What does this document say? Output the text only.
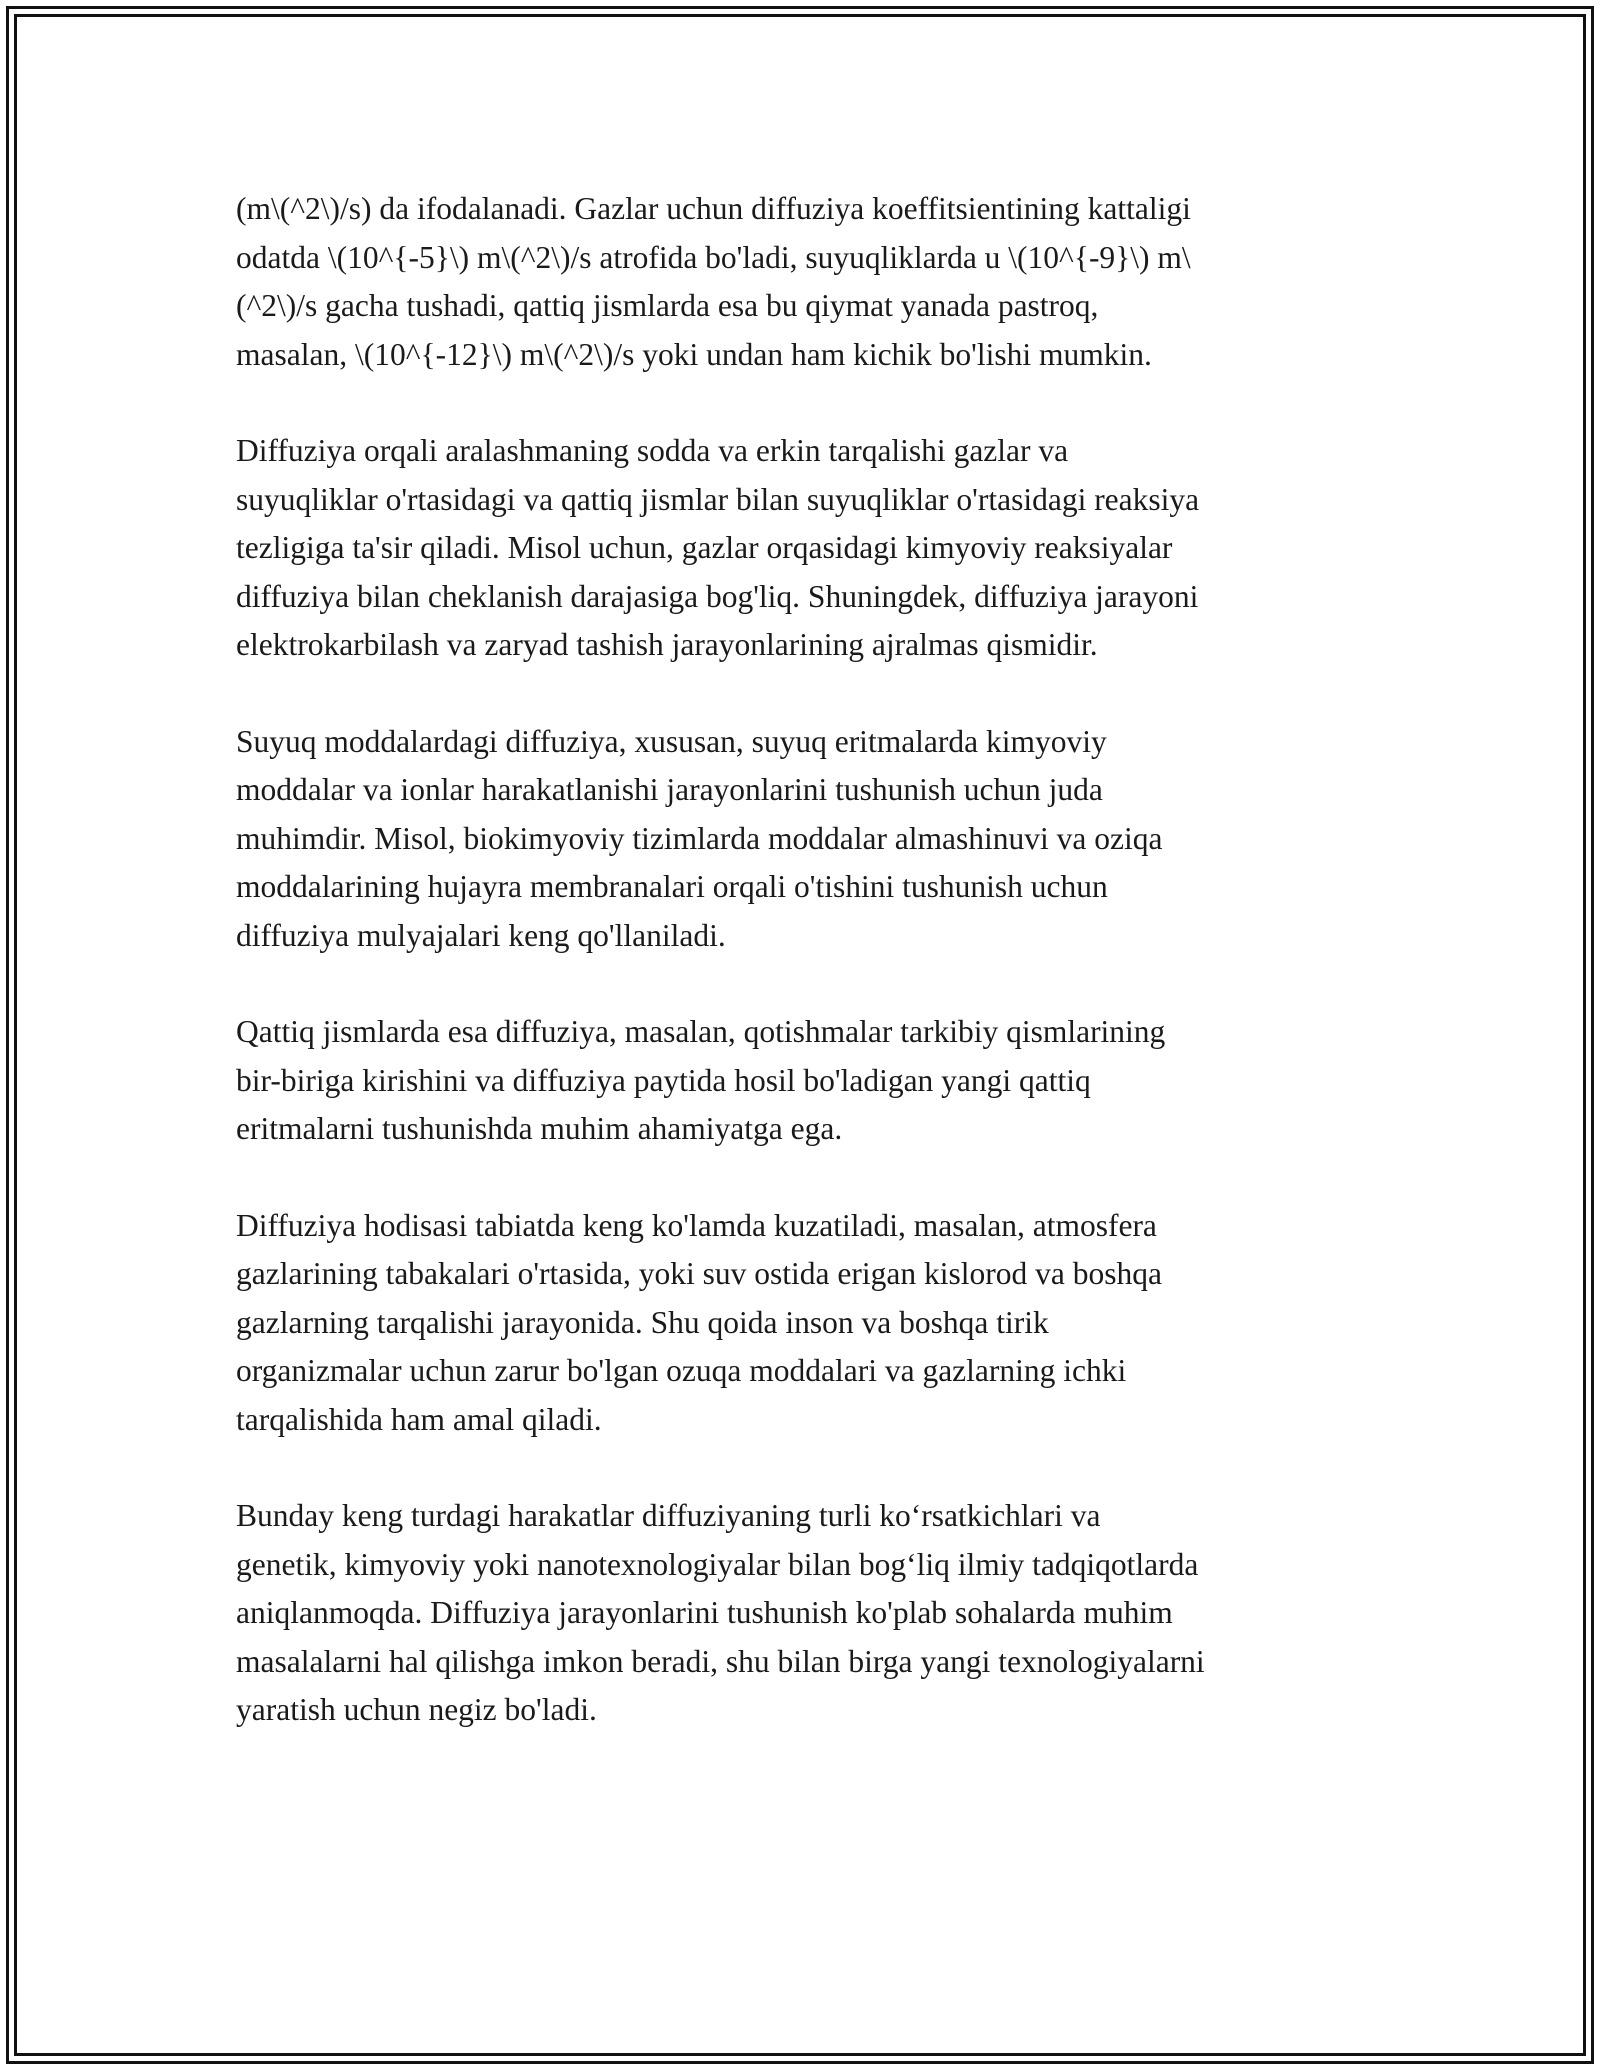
(m\(^2\)/s) da ifodalanadi. Gazlar uchun diffuziya koeffitsientining kattaligi
odatda \(10^{-5}\) m\(^2\)/s atrofida bo'ladi, suyuqliklarda u \(10^{-9}\) m\
(^2\)/s gacha tushadi, qattiq jismlarda esa bu qiymat yanada pastroq,
masalan, \(10^{-12}\) m\(^2\)/s yoki undan ham kichik bo'lishi mumkin.

Diffuziya orqali aralashmaning sodda va erkin tarqalishi gazlar va
suyuqliklar o'rtasidagi va qattiq jismlar bilan suyuqliklar o'rtasidagi reaksiya
tezligiga ta'sir qiladi. Misol uchun, gazlar orqasidagi kimyoviy reaksiyalar
diffuziya bilan cheklanish darajasiga bog'liq. Shuningdek, diffuziya jarayoni
elektrokarbilash va zaryad tashish jarayonlarining ajralmas qismidir.

Suyuq moddalardagi diffuziya, xususan, suyuq eritmalarda kimyoviy
moddalar va ionlar harakatlanishi jarayonlarini tushunish uchun juda
muhimdir. Misol, biokimyoviy tizimlarda moddalar almashinuvi va oziqa
moddalarining hujayra membranalari orqali o'tishini tushunish uchun
diffuziya mulyajalari keng qo'llaniladi.

Qattiq jismlarda esa diffuziya, masalan, qotishmalar tarkibiy qismlarining
bir-biriga kirishini va diffuziya paytida hosil bo'ladigan yangi qattiq
eritmalarni tushunishda muhim ahamiyatga ega.

Diffuziya hodisasi tabiatda keng ko'lamda kuzatiladi, masalan, atmosfera
gazlarining tabakalari o'rtasida, yoki suv ostida erigan kislorod va boshqa
gazlarning tarqalishi jarayonida. Shu qoida inson va boshqa tirik
organizmalar uchun zarur bo'lgan ozuqa moddalari va gazlarning ichki
tarqalishida ham amal qiladi.

Bunday keng turdagi harakatlar diffuziyaning turli ko‘rsatkichlari va
genetik, kimyoviy yoki nanotexnologiyalar bilan bog‘liq ilmiy tadqiqotlarda
aniqlanmoqda. Diffuziya jarayonlarini tushunish ko'plab sohalarda muhim
masalalarni hal qilishga imkon beradi, shu bilan birga yangi texnologiyalarni
yaratish uchun negiz bo'ladi.
